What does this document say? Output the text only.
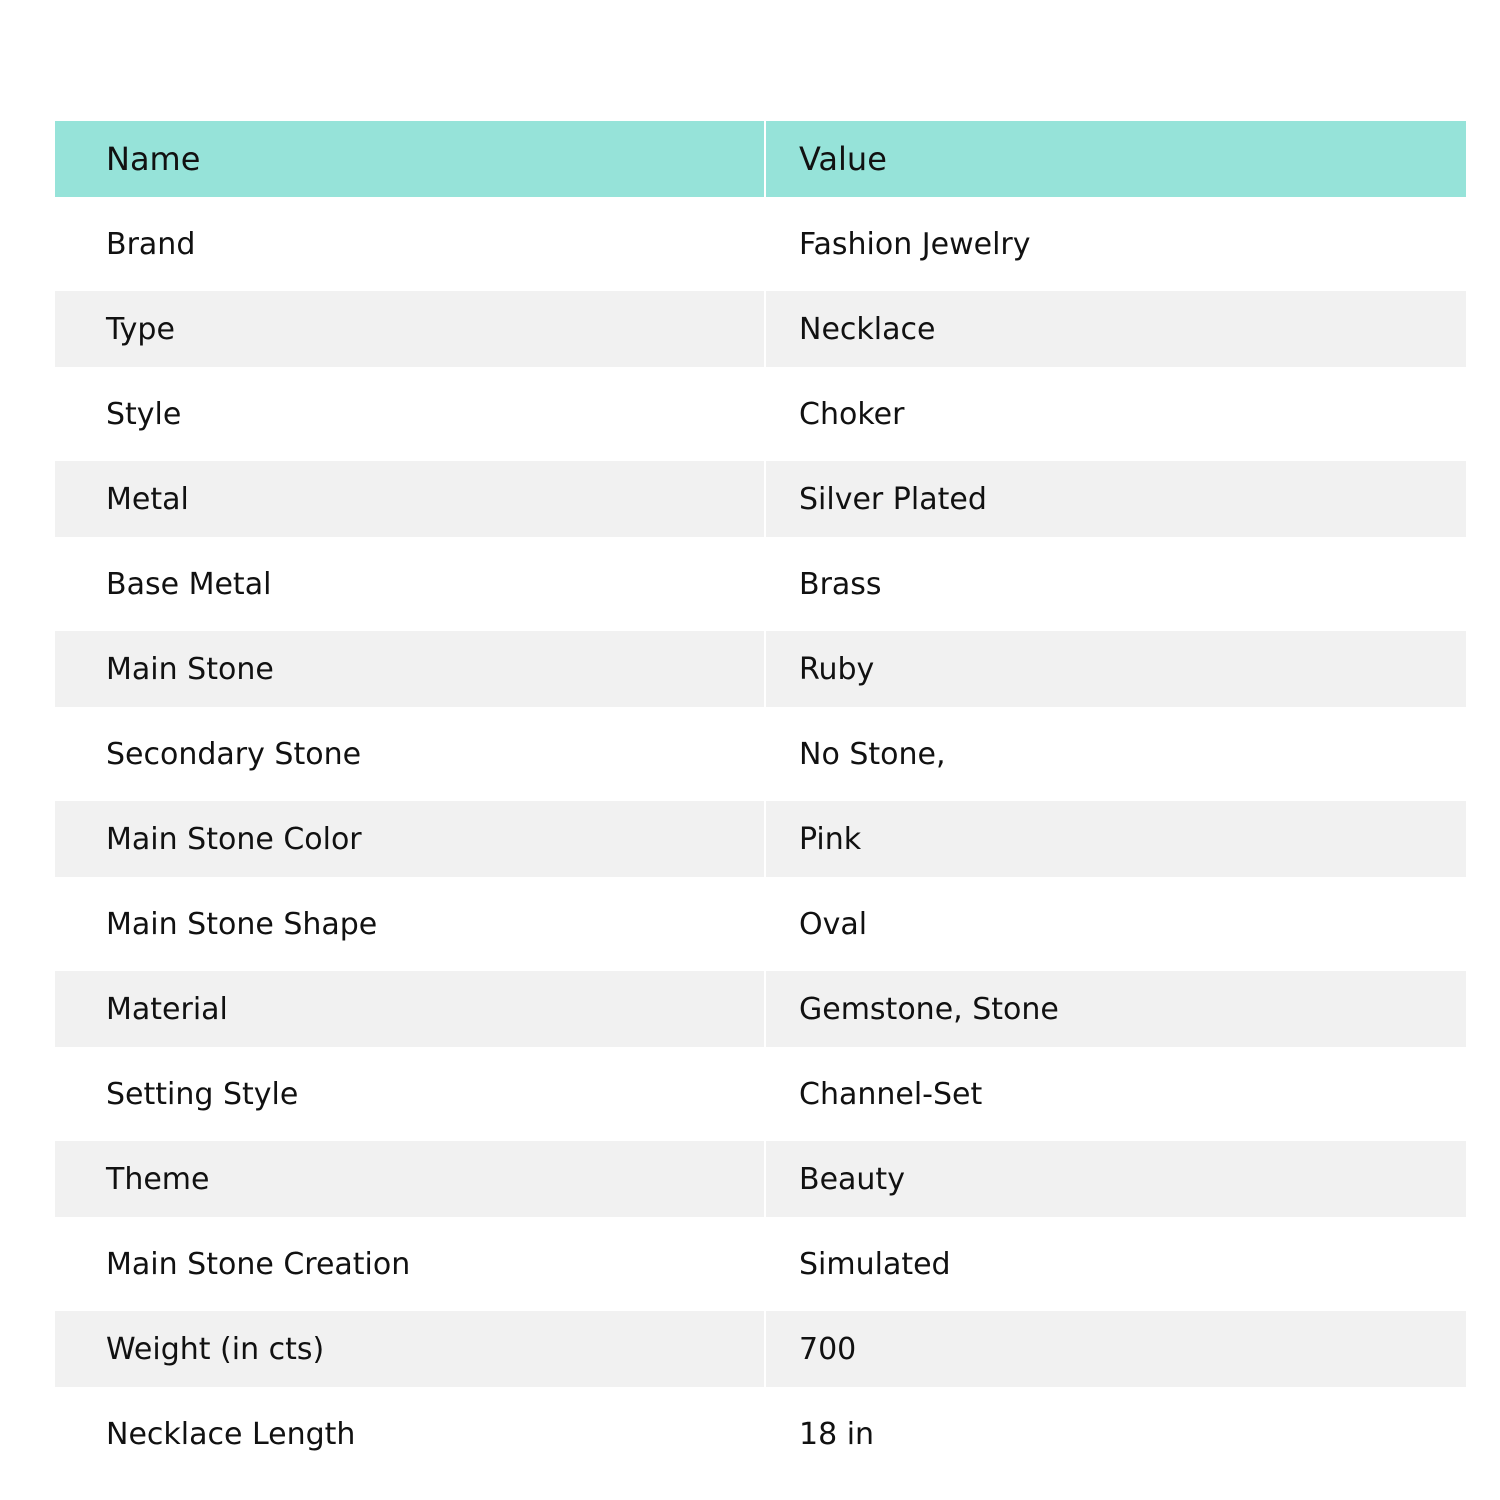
Name	Value
Brand	Fashion Jewelry
Type	Necklace
Style	Choker
Metal	Silver Plated
Base Metal	Brass
Main Stone	Ruby
Secondary Stone	No Stone,
Main Stone Color	Pink
Main Stone Shape	Oval
Material	Gemstone, Stone
Setting Style	Channel-Set
Theme	Beauty
Main Stone Creation	Simulated
Weight (in cts)	700
Necklace Length	18 in
